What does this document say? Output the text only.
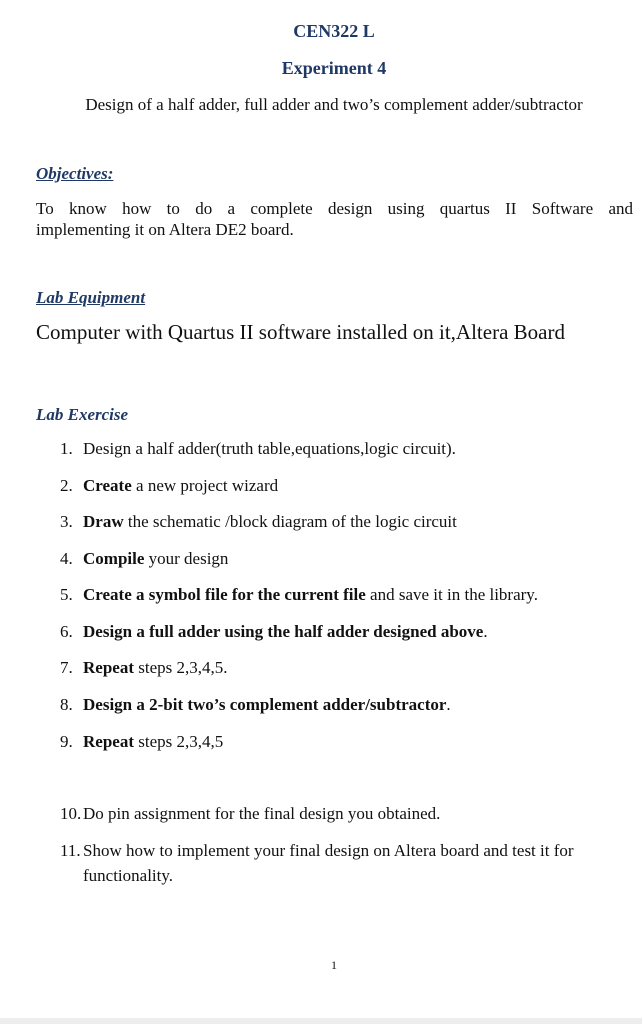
CEN322 L
Experiment 4
Design of a half adder, full adder and two’s complement adder/subtractor
Objectives:
To know how to do a complete design using quartus II Software and
implementing it on Altera DE2 board.
Lab Equipment
Computer with Quartus II software installed on it,Altera Board
Lab Exercise
1. Design a half adder(truth table,equations,logic circuit).
2. Create a new project wizard
3. Draw the schematic /block diagram of the logic circuit
4. Compile your design
5. Create a symbol file for the current file and save it in the library.
6. Design a full adder using the half adder designed above.
7. Repeat steps 2,3,4,5.
8. Design a 2-bit two’s complement adder/subtractor.
9. Repeat steps 2,3,4,5
10. Do pin assignment for the final design you obtained.
11. Show how to implement your final design on Altera board and test it for
functionality.
1
